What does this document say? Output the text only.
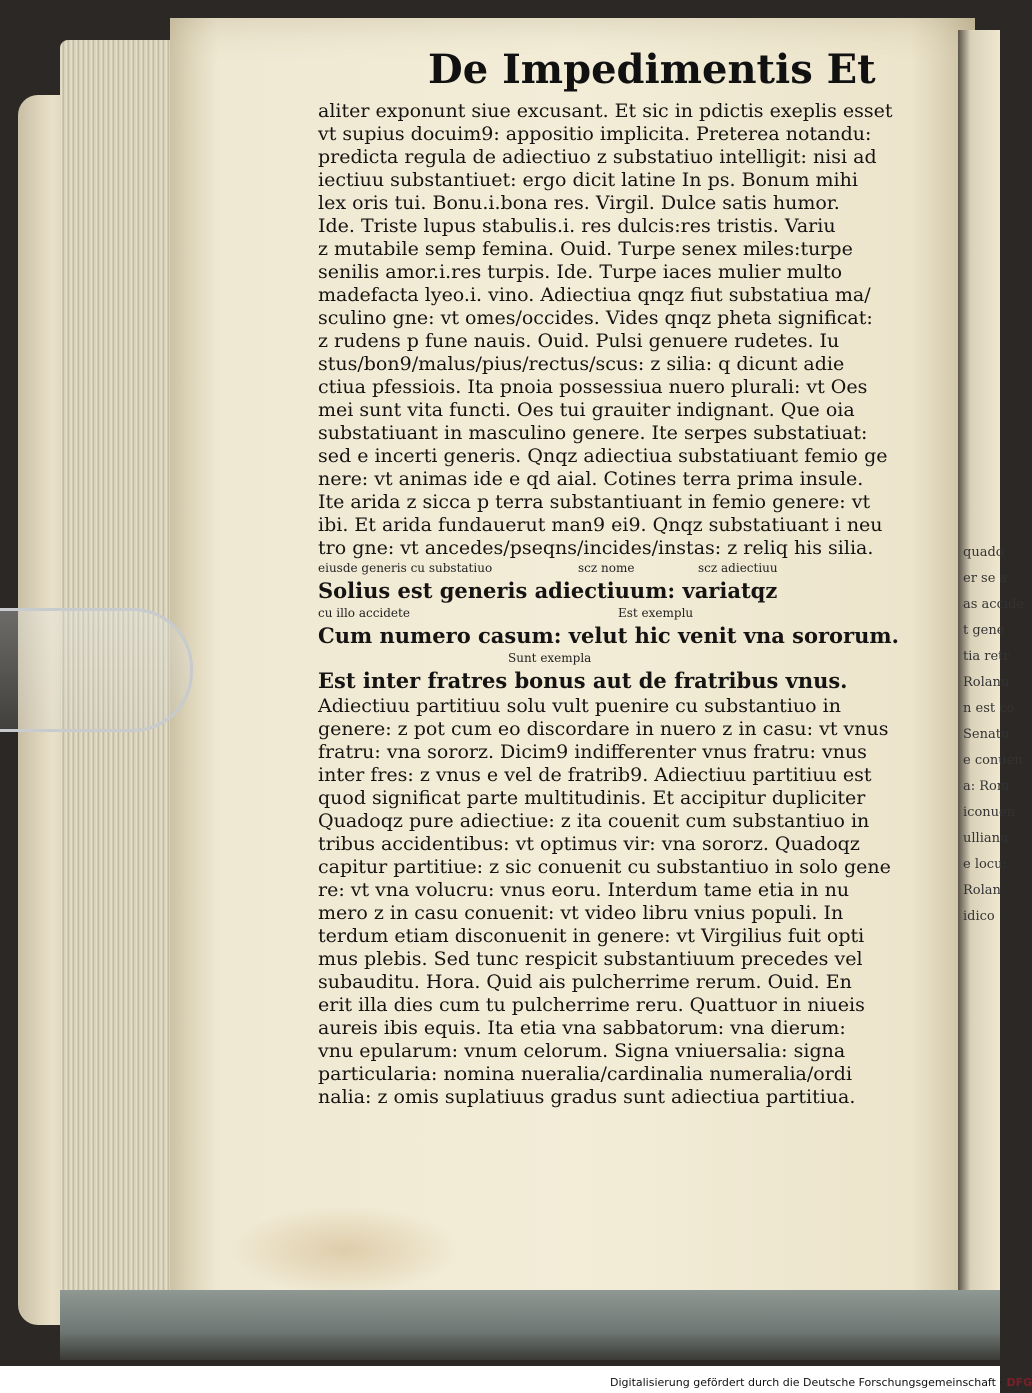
quado
er se a
as accide
t gene
tia retr
Rolanu
n est co
Senatu
e conuen
a: Rom
iconuen
ullianu
e locu:
Rolan
idico
De Impedimentis Et
aliter exponunt siue excusant. Et sic in pdictis exeplis esset
vt supius docuim9: appositio implicita. Preterea notandu:
predicta regula de adiectiuo z substatiuo intelligit: nisi ad
iectiuu substantiuet: ergo dicit latine In ps. Bonum mihi
lex oris tui. Bonu.i.bona res. Virgil. Dulce satis humor.
Ide. Triste lupus stabulis.i. res dulcis:res tristis. Variu
z mutabile semp femina. Ouid. Turpe senex miles:turpe
senilis amor.i.res turpis. Ide. Turpe iaces mulier multo
madefacta lyeo.i. vino. Adiectiua qnqz fiut substatiua ma/
sculino gne: vt omes/occides. Vides qnqz pheta significat:
z rudens p fune nauis. Ouid. Pulsi genuere rudetes. Iu
stus/bon9/malus/pius/rectus/scus: z silia: q dicunt adie
ctiua pfessiois. Ita pnoia possessiua nuero plurali: vt Oes
mei sunt vita functi. Oes tui grauiter indignant. Que oia
substatiuant in masculino genere. Ite serpes substatiuat:
sed e incerti generis. Qnqz adiectiua substatiuant femio ge
nere: vt animas ide e qd aial. Cotines terra prima insule.
Ite arida z sicca p terra substantiuant in femio genere: vt
ibi. Et arida fundauerut man9 ei9. Qnqz substatiuant i neu
tro gne: vt ancedes/pseqns/incides/instas: z reliq his silia.
eiusde generis cu substatiuo	scz nome	scz adiectiuu
Solius est generis adiectiuum: variatqz
cu illo accidete	Est exemplu
Cum numero casum: velut hic venit vna sororum.
Sunt exempla
Est inter fratres bonus aut de fratribus vnus.
Adiectiuu partitiuu solu vult puenire cu substantiuo in
genere: z pot cum eo discordare in nuero z in casu: vt vnus
fratru: vna sororz. Dicim9 indifferenter vnus fratru: vnus
inter fres: z vnus e vel de fratrib9. Adiectiuu partitiuu est
quod significat parte multitudinis. Et accipitur dupliciter
Quadoqz pure adiectiue: z ita couenit cum substantiuo in
tribus accidentibus: vt optimus vir: vna sororz. Quadoqz
capitur partitiue: z sic conuenit cu substantiuo in solo gene
re: vt vna volucru: vnus eoru. Interdum tame etia in nu
mero z in casu conuenit: vt video libru vnius populi. In
terdum etiam disconuenit in genere: vt Virgilius fuit opti
mus plebis. Sed tunc respicit substantiuum precedes vel
subauditu. Hora. Quid ais pulcherrime rerum. Ouid. En
erit illa dies cum tu pulcherrime reru. Quattuor in niueis
aureis ibis equis. Ita etia vna sabbatorum: vna dierum:
vnu epularum: vnum celorum. Signa vniuersalia: signa
particularia: nomina nueralia/cardinalia numeralia/ordi
nalia: z omis suplatiuus gradus sunt adiectiua partitiua.
Digitalisierung gefördert durch die Deutsche Forschungsgemeinschaft · DFG
